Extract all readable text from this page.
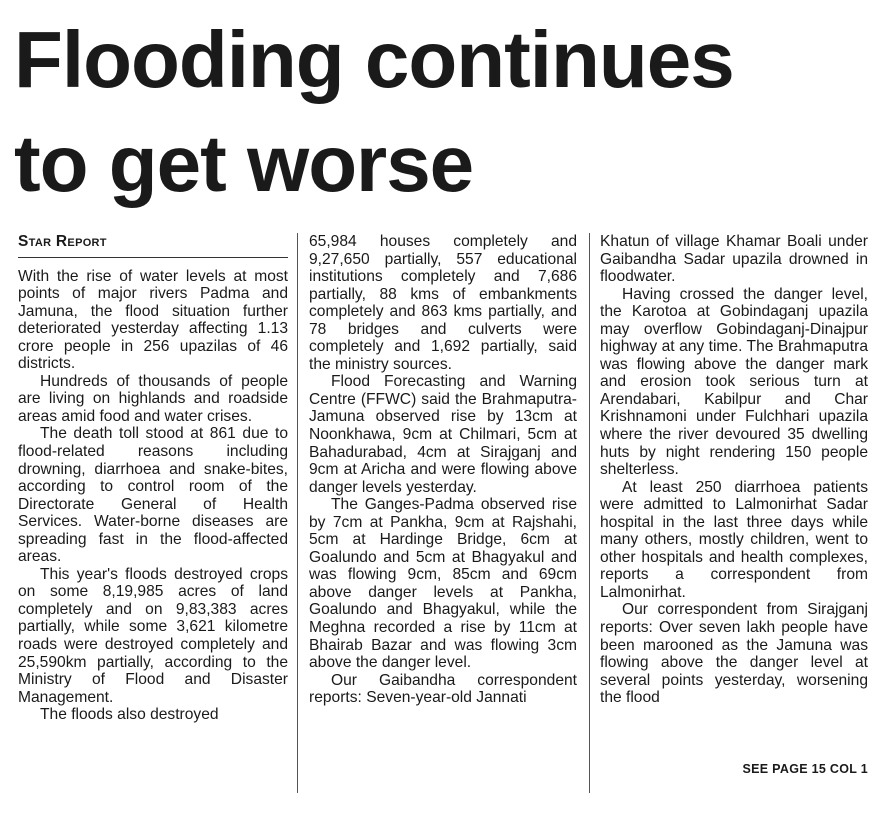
Flooding continues
to get worse
Star Report

With the rise of water levels at most points of major rivers Padma and Jamuna, the flood situation further deteriorated yesterday affecting 1.13 crore people in 256 upazilas of 46 districts.

Hundreds of thousands of people are living on highlands and roadside areas amid food and water crises.

The death toll stood at 861 due to flood-related reasons including drowning, diarrhoea and snake-bites, according to control room of the Directorate General of Health Services. Water-borne diseases are spreading fast in the flood-affected areas.

This year's floods destroyed crops on some 8,19,985 acres of land completely and on 9,83,383 acres partially, while some 3,621 kilometre roads were destroyed completely and 25,590km partially, according to the Ministry of Flood and Disaster Management.

The floods also destroyed

65,984 houses completely and 9,27,650 partially, 557 educational institutions completely and 7,686 partially, 88 kms of embankments completely and 863 kms partially, and 78 bridges and culverts were completely and 1,692 partially, said the ministry sources.

Flood Forecasting and Warning Centre (FFWC) said the Brahmaputra-Jamuna observed rise by 13cm at Noonkhawa, 9cm at Chilmari, 5cm at Bahadurabad, 4cm at Sirajganj and 9cm at Aricha and were flowing above danger levels yesterday.

The Ganges-Padma observed rise by 7cm at Pankha, 9cm at Rajshahi, 5cm at Hardinge Bridge, 6cm at Goalundo and 5cm at Bhagyakul and was flowing 9cm, 85cm and 69cm above danger levels at Pankha, Goalundo and Bhagyakul, while the Meghna recorded a rise by 11cm at Bhairab Bazar and was flowing 3cm above the danger level.

Our Gaibandha correspondent reports: Seven-year-old Jannati

Khatun of village Khamar Boali under Gaibandha Sadar upazila drowned in floodwater.

Having crossed the danger level, the Karotoa at Gobindaganj upazila may overflow Gobindaganj-Dinajpur highway at any time. The Brahmaputra was flowing above the danger mark and erosion took serious turn at Arendabari, Kabilpur and Char Krishnamoni under Fulchhari upazila where the river devoured 35 dwelling huts by night rendering 150 people shelterless.

At least 250 diarrhoea patients were admitted to Lalmonirhat Sadar hospital in the last three days while many others, mostly children, went to other hospitals and health complexes, reports a correspondent from Lalmonirhat.

Our correspondent from Sirajganj reports: Over seven lakh people have been marooned as the Jamuna was flowing above the danger level at several points yesterday, worsening the flood

SEE PAGE 15 COL 1
